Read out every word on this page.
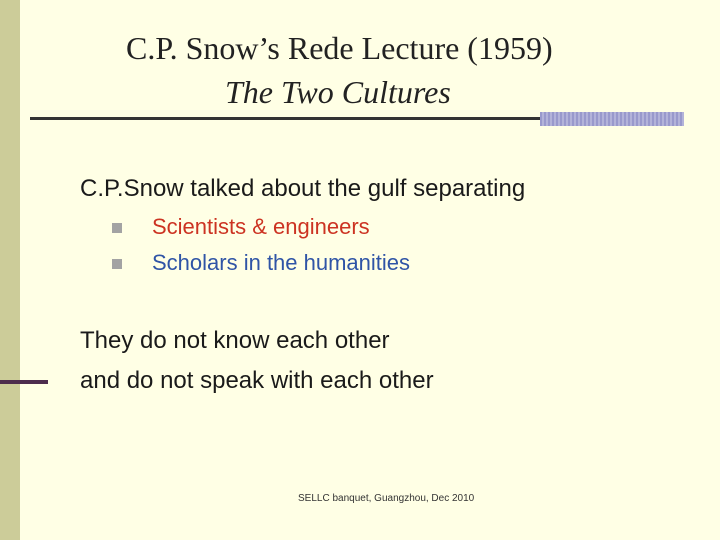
C.P. Snow’s Rede Lecture (1959)
The Two Cultures

C.P.Snow talked about the gulf separating

Scientists & engineers

Scholars in the humanities

They do not know each other

and do not speak with each other

SELLC banquet, Guangzhou, Dec 2010
